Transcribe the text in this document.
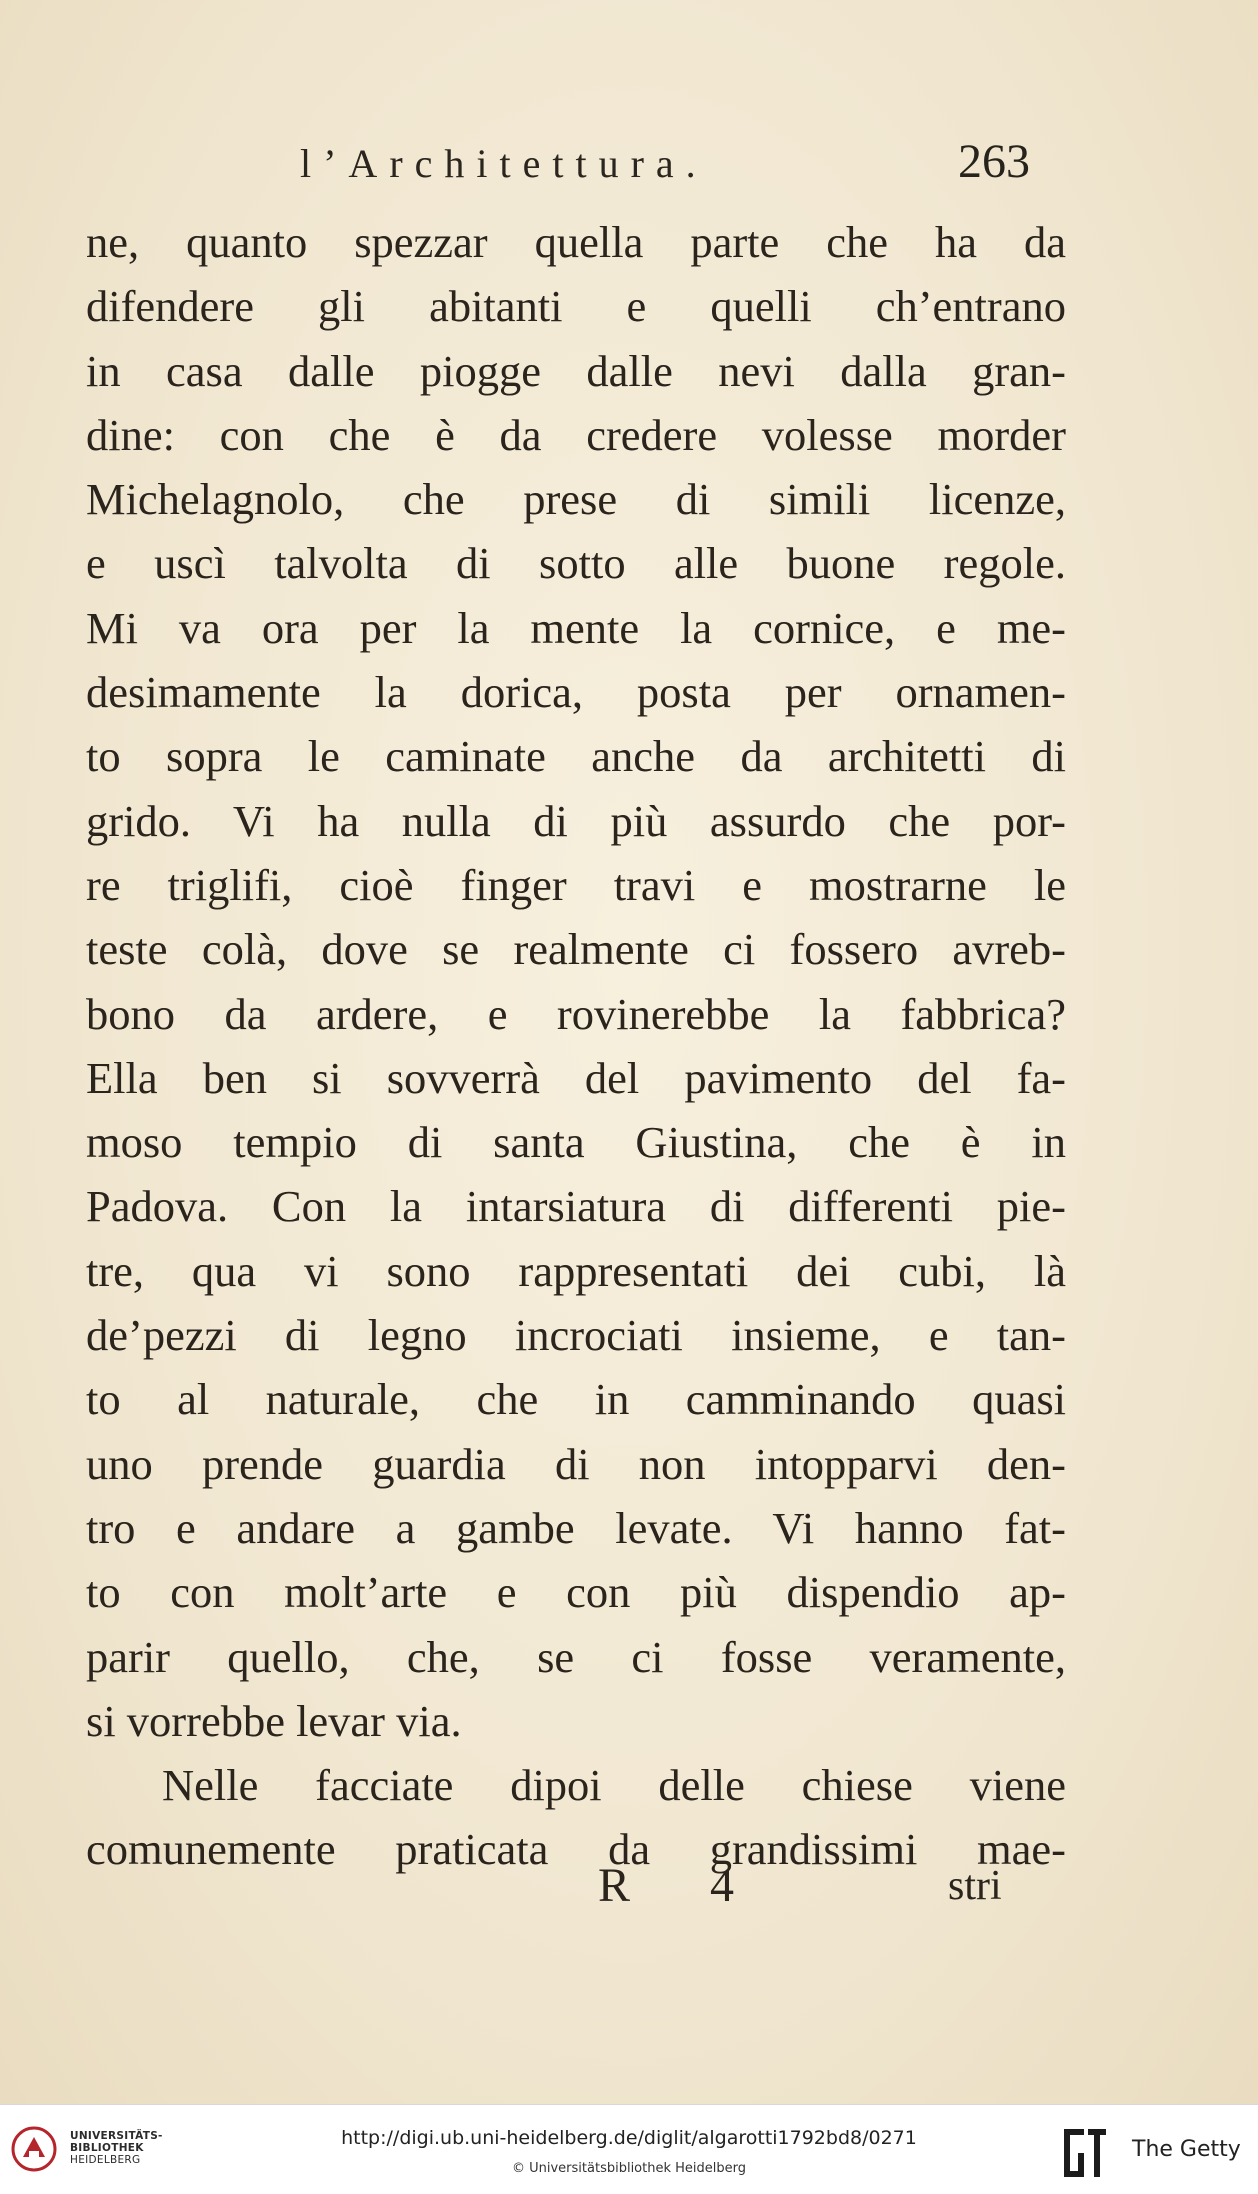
l’Architettura.	263
ne, quanto spezzar quella parte che ha da
difendere gli abitanti e quelli ch’entrano
in casa dalle piogge dalle nevi dalla gran-
dine: con che è da credere volesse morder
Michelagnolo, che prese di simili licenze,
e uscì talvolta di sotto alle buone regole.
Mi va ora per la mente la cornice, e me-
desimamente la dorica, posta per ornamen-
to sopra le caminate anche da architetti di
grido. Vi ha nulla di più assurdo che por-
re triglifi, cioè finger travi e mostrarne le
teste colà, dove se realmente ci fossero avreb-
bono da ardere, e rovinerebbe la fabbrica?
Ella ben si sovverrà del pavimento del fa-
moso tempio di santa Giustina, che è in
Padova. Con la intarsiatura di differenti pie-
tre, qua vi sono rappresentati dei cubi, là
de’pezzi di legno incrociati insieme, e tan-
to al naturale, che in camminando quasi
uno prende guardia di non intopparvi den-
tro e andare a gambe levate. Vi hanno fat-
to con molt’arte e con più dispendio ap-
parir quello, che, se ci fosse veramente,
si vorrebbe levar via.
Nelle facciate dipoi delle chiese viene
comunemente praticata da grandissimi mae-
R 4	stri
UNIVERSITÄTS-
BIBLIOTHEK
HEIDELBERG
http://digi.ub.uni-heidelberg.de/diglit/algarotti1792bd8/0271
© Universitätsbibliothek Heidelberg
The Getty
